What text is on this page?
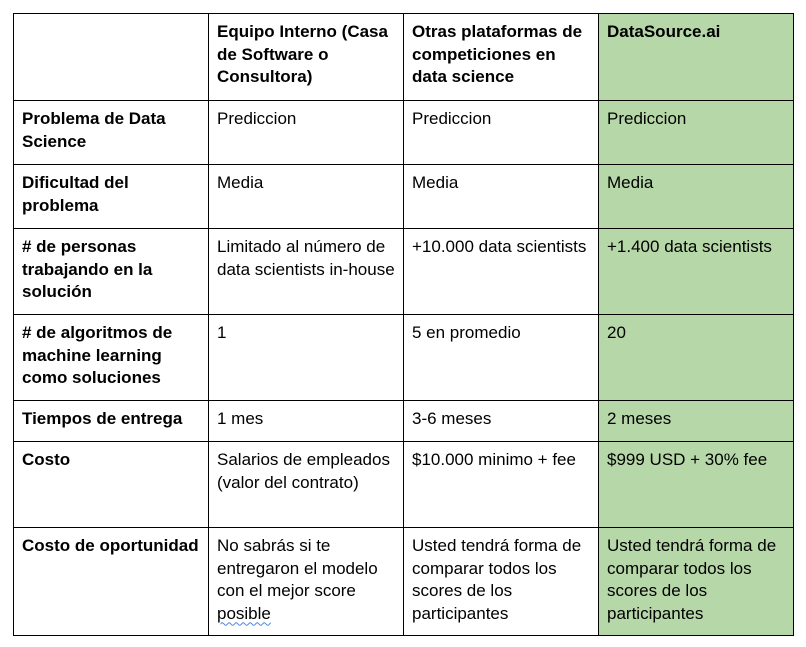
	Equipo Interno (Casa de Software o Consultora)	Otras plataformas de competiciones en data science	DataSource.ai
Problema de Data Science	Prediccion	Prediccion	Prediccion
Dificultad del problema	Media	Media	Media
# de personas trabajando en la solución	Limitado al número de data scientists in-house	+10.000 data scientists	+1.400 data scientists
# de algoritmos de machine learning como soluciones	1	5 en promedio	20
Tiempos de entrega	1 mes	3-6 meses	2 meses
Costo	Salarios de empleados (valor del contrato)	$10.000 minimo + fee	$999 USD + 30% fee
Costo de oportunidad	No sabrás si te entregaron el modelo con el mejor score posible	Usted tendrá forma de comparar todos los scores de los participantes	Usted tendrá forma de comparar todos los scores de los participantes
